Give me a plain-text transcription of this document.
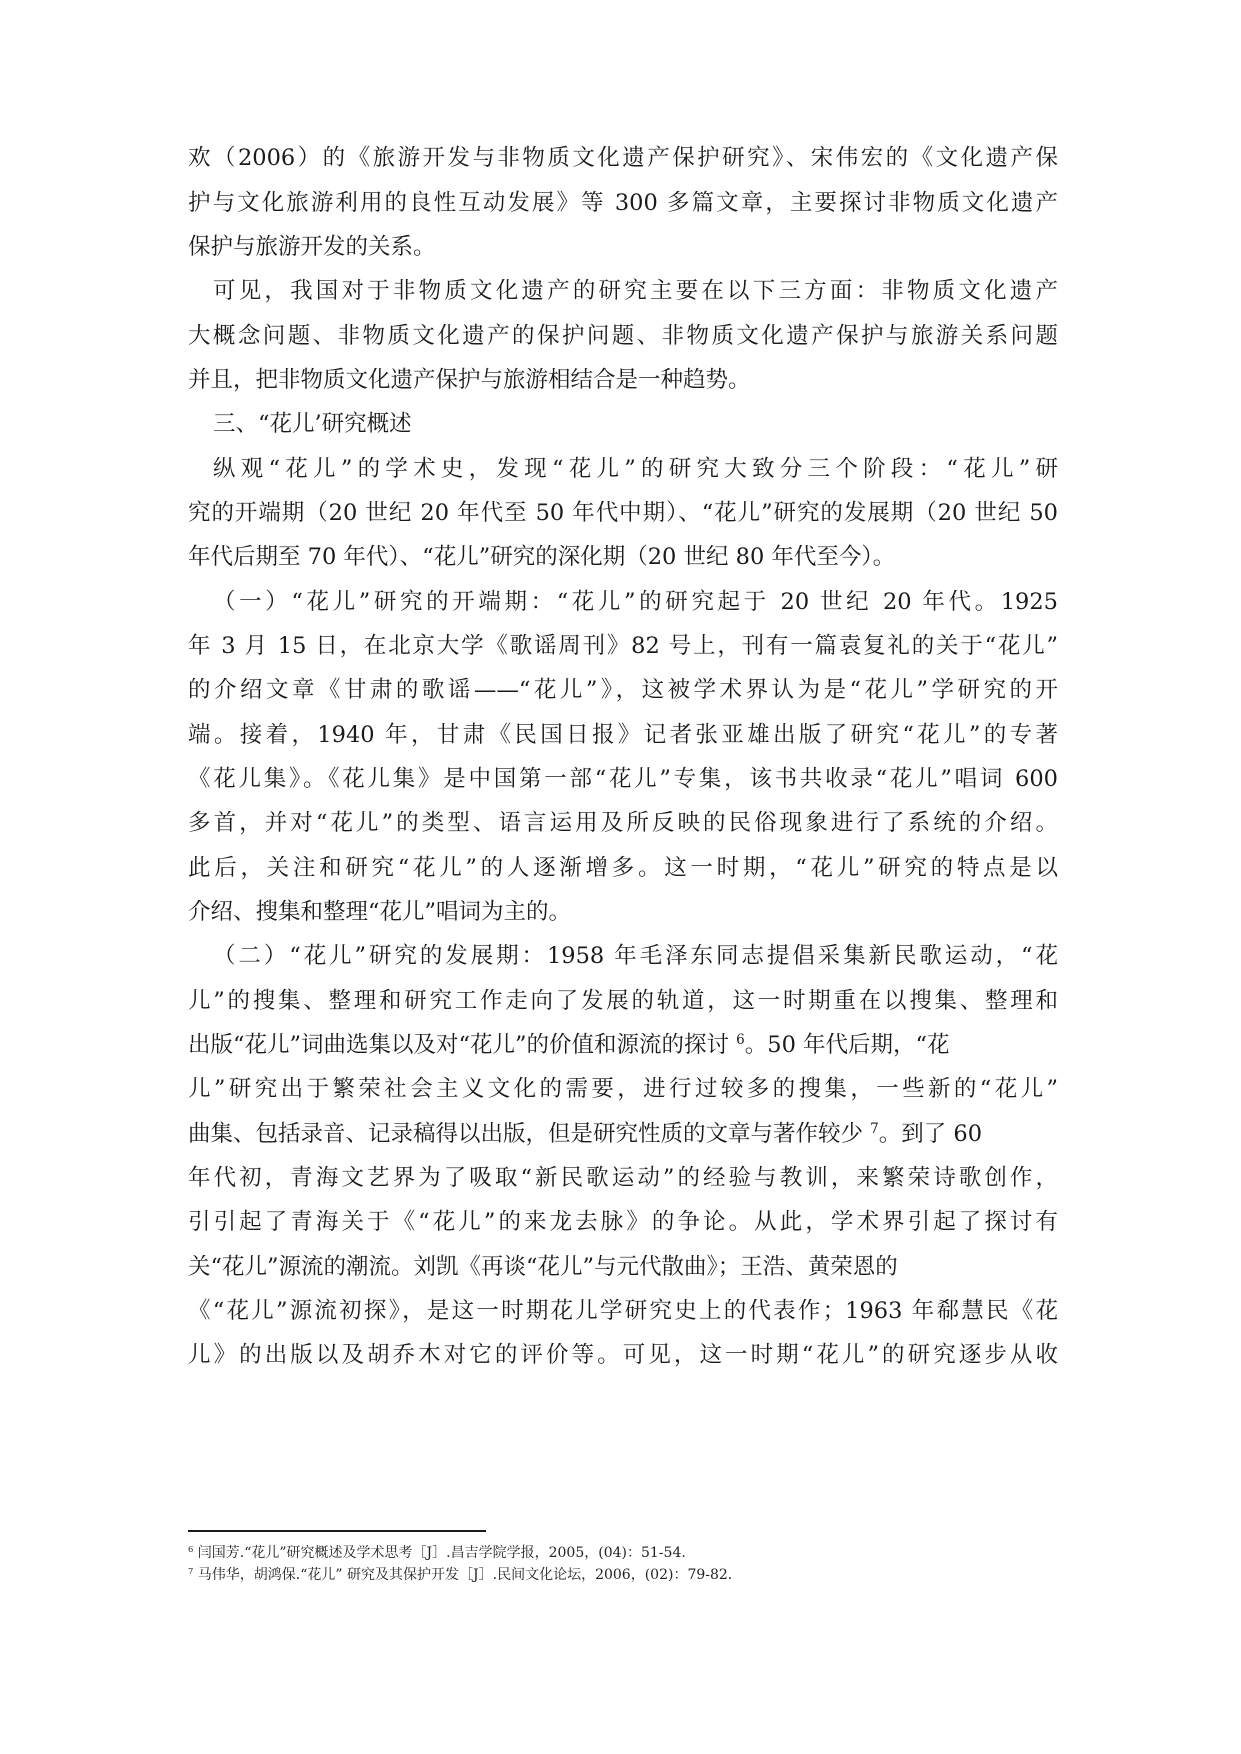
欢（2006）的《旅游开发与非物质文化遗产保护研究》、宋伟宏的《文化遗产保
护与文化旅游利用的良性互动发展》等 300 多篇文章，主要探讨非物质文化遗产
保护与旅游开发的关系。
可见，我国对于非物质文化遗产的研究主要在以下三方面：非物质文化遗产
大概念问题、非物质文化遗产的保护问题、非物质文化遗产保护与旅游关系问题
并且，把非物质文化遗产保护与旅游相结合是一种趋势。
三、“花儿’研究概述
纵观“花儿”的学术史，发现“花儿”的研究大致分三个阶段：“花儿”研
究的开端期（20 世纪 20 年代至 50 年代中期）、“花儿”研究的发展期（20 世纪 50
年代后期至 70 年代）、“花儿”研究的深化期（20 世纪 80 年代至今）。
（一）“花儿”研究的开端期：“花儿”的研究起于 20 世纪 20 年代。1925
年 3 月 15 日，在北京大学《歌谣周刊》82 号上，刊有一篇袁复礼的关于“花儿”
的介绍文章《甘肃的歌谣——“花儿”》，这被学术界认为是“花儿”学研究的开
端。接着，1940 年，甘肃《民国日报》记者张亚雄出版了研究“花儿”的专著
《花儿集》。《花儿集》是中国第一部“花儿”专集，该书共收录“花儿”唱词 600
多首，并对“花儿”的类型、语言运用及所反映的民俗现象进行了系统的介绍。
此后，关注和研究“花儿”的人逐渐增多。这一时期，“花儿”研究的特点是以
介绍、搜集和整理“花儿”唱词为主的。
（二）“花儿”研究的发展期：1958 年毛泽东同志提倡采集新民歌运动，“花
儿”的搜集、整理和研究工作走向了发展的轨道，这一时期重在以搜集、整理和
出版“花儿”词曲选集以及对“花儿”的价值和源流的探讨 $^6$。50 年代后期，“花
儿”研究出于繁荣社会主义文化的需要，进行过较多的搜集，一些新的“花儿”
曲集、包括录音、记录稿得以出版，但是研究性质的文章与著作较少 $^7$。到了 60
年代初，青海文艺界为了吸取“新民歌运动”的经验与教训，来繁荣诗歌创作，
引引起了青海关于《“花儿”的来龙去脉》的争论。从此，学术界引起了探讨有
关“花儿”源流的潮流。刘凯《再谈“花儿”与元代散曲》；王浩、黄荣恩的
《“花儿”源流初探》，是这一时期花儿学研究史上的代表作；1963 年郗慧民《花
儿》的出版以及胡乔木对它的评价等。可见，这一时期“花儿”的研究逐步从收
$^6$ 闫国芳.“花儿”研究概述及学术思考［J］.昌吉学院学报，2005，(04)：51-54.
$^7$ 马伟华，胡鸿保.“花儿” 研究及其保护开发［J］.民间文化论坛，2006，(02)：79-82.
